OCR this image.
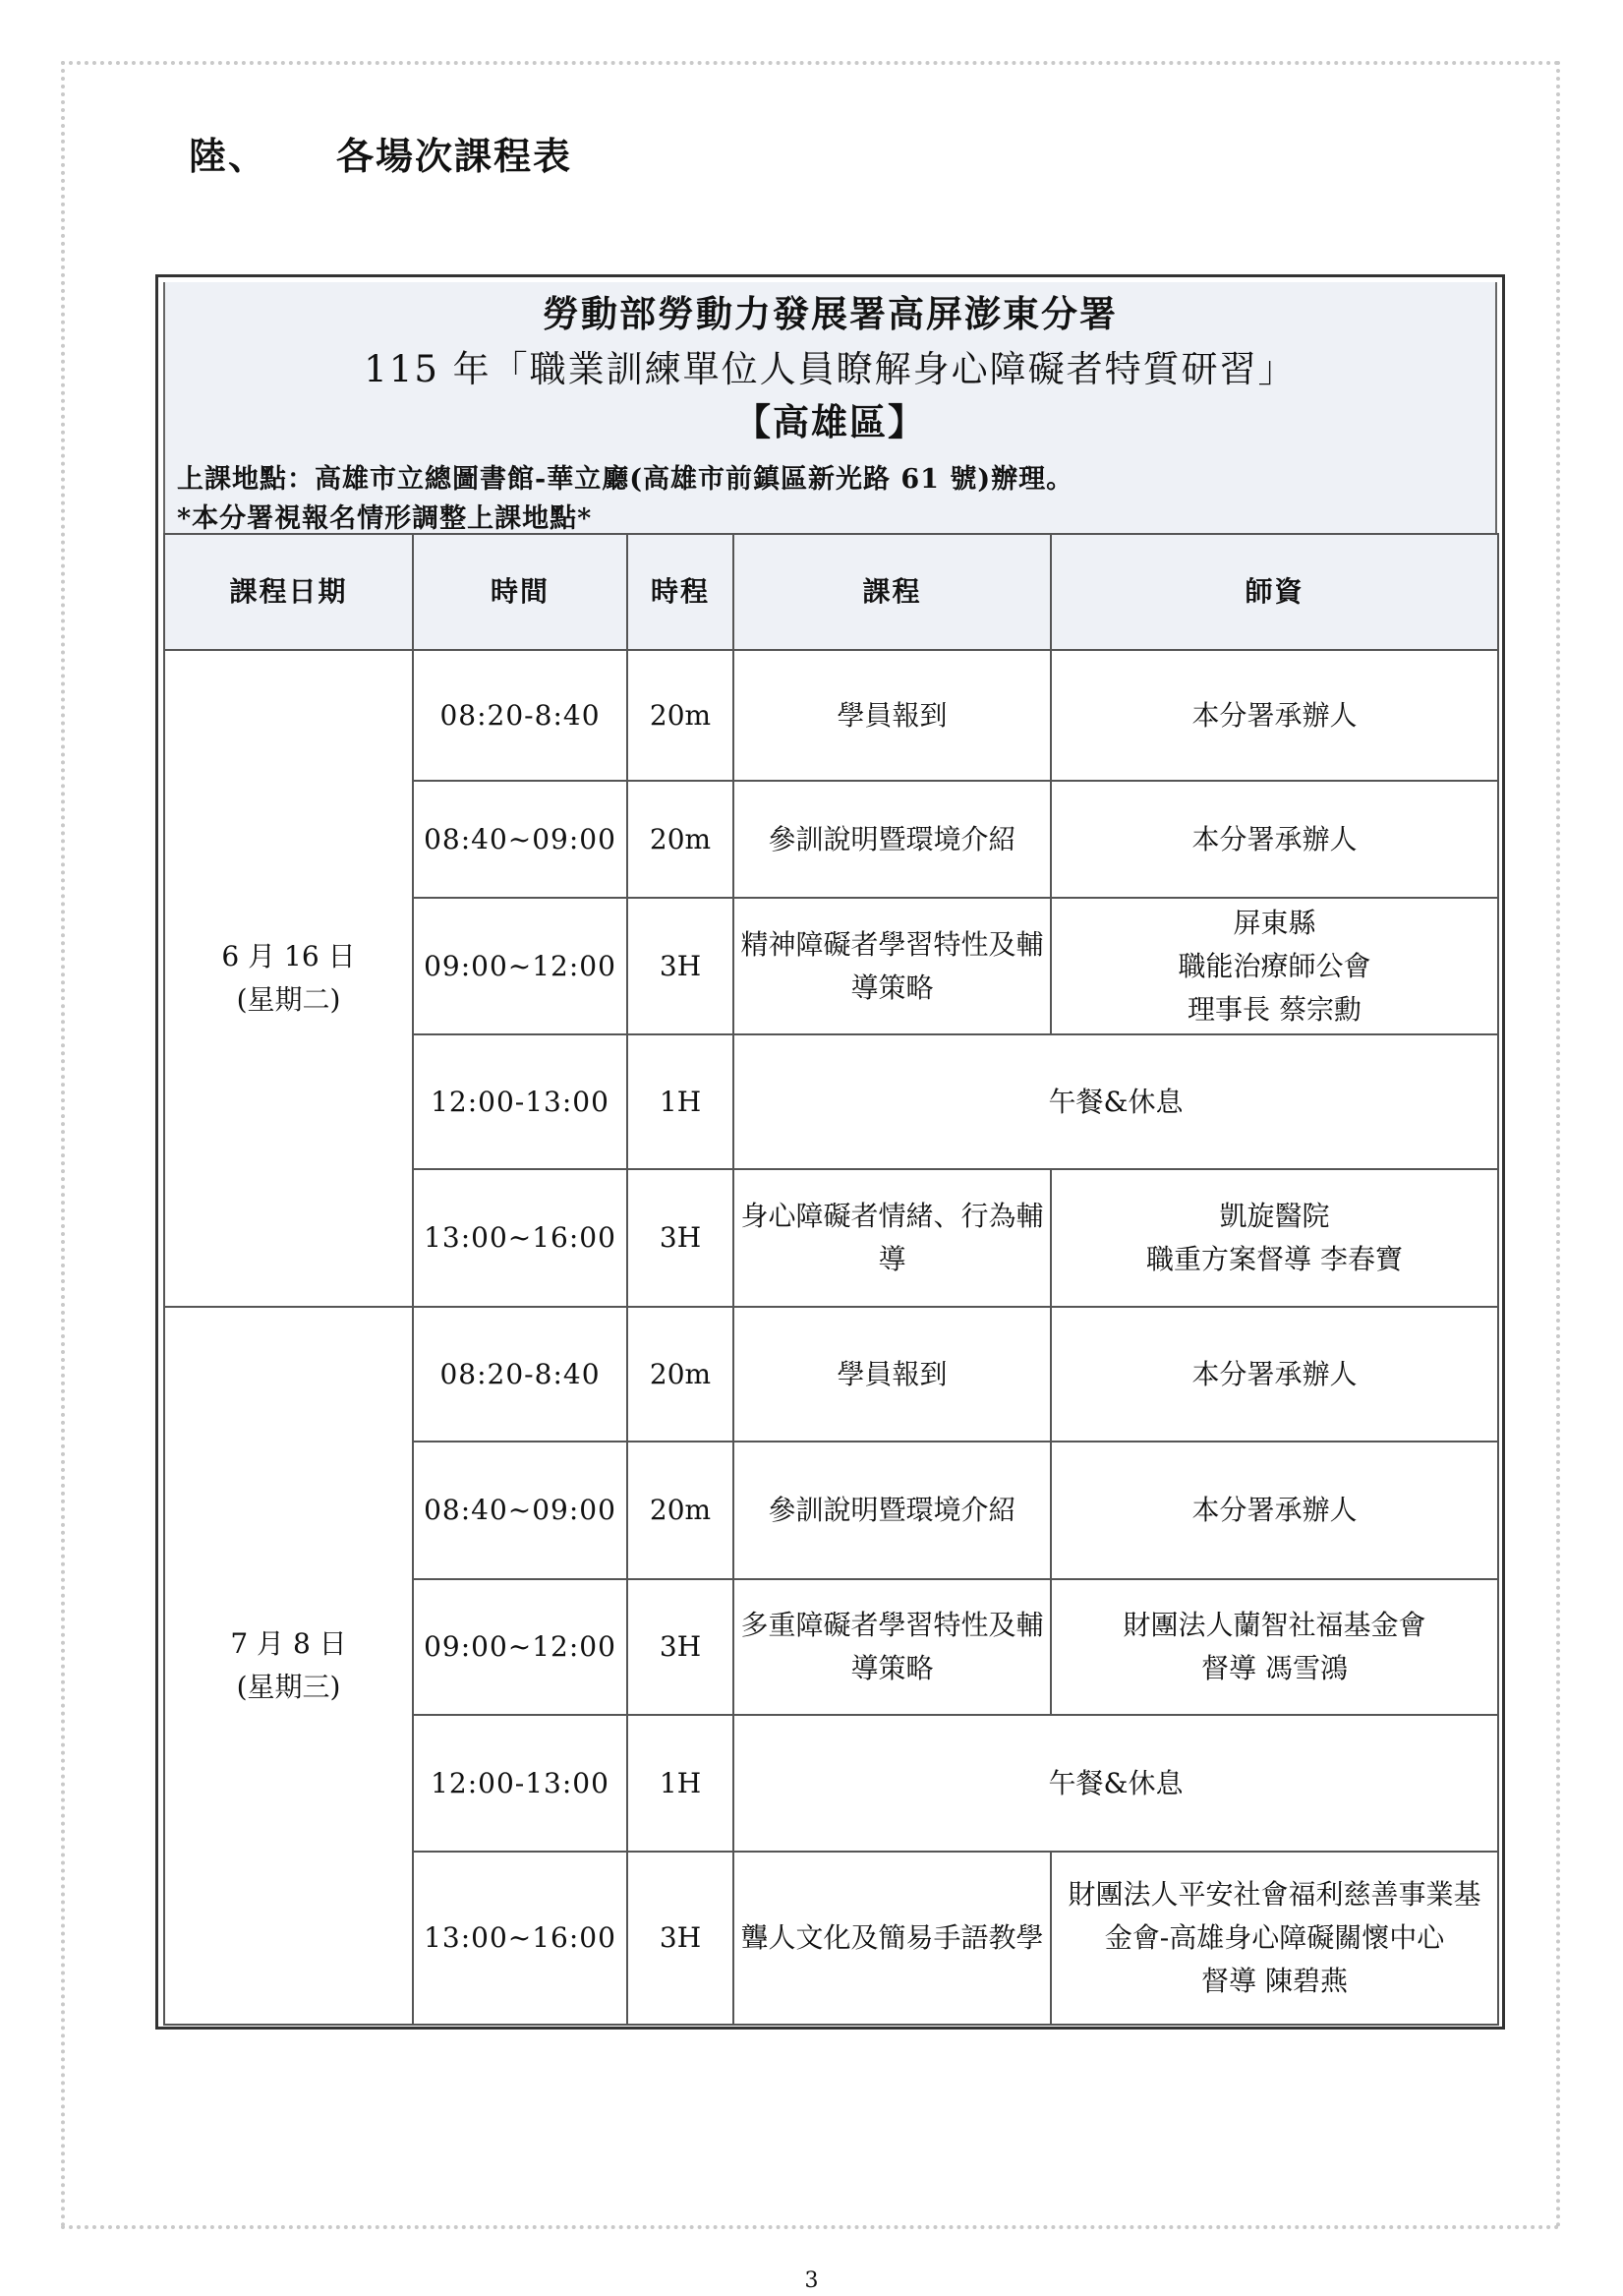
陸、 各場次課程表
勞動部勞動力發展署高屏澎東分署
115 年「職業訓練單位人員瞭解身心障礙者特質研習」
【高雄區】
上課地點：高雄市立總圖書館-華立廳(高雄市前鎮區新光路 61 號)辦理。
*本分署視報名情形調整上課地點*
課程日期	時間	時程	課程	師資

6 月 16 日
(星期二)	08:20-8:40	20m	學員報到	本分署承辦人
	08:40~09:00	20m	參訓說明暨環境介紹	本分署承辦人
	09:00~12:00	3H	精神障礙者學習特性及輔導策略	屏東縣
職能治療師公會
理事長 蔡宗勳
	12:00-13:00	1H	午餐&休息	
	13:00~16:00	3H	身心障礙者情緒、行為輔導	凱旋醫院
職重方案督導 李春寶

7 月 8 日
(星期三)	08:20-8:40	20m	學員報到	本分署承辦人
	08:40~09:00	20m	參訓說明暨環境介紹	本分署承辦人
	09:00~12:00	3H	多重障礙者學習特性及輔導策略	財團法人蘭智社福基金會
督導 馮雪鴻
	12:00-13:00	1H	午餐&休息	
	13:00~16:00	3H	聾人文化及簡易手語教學	財團法人平安社會福利慈善事業基金會-高雄身心障礙關懷中心
督導 陳碧燕
3
